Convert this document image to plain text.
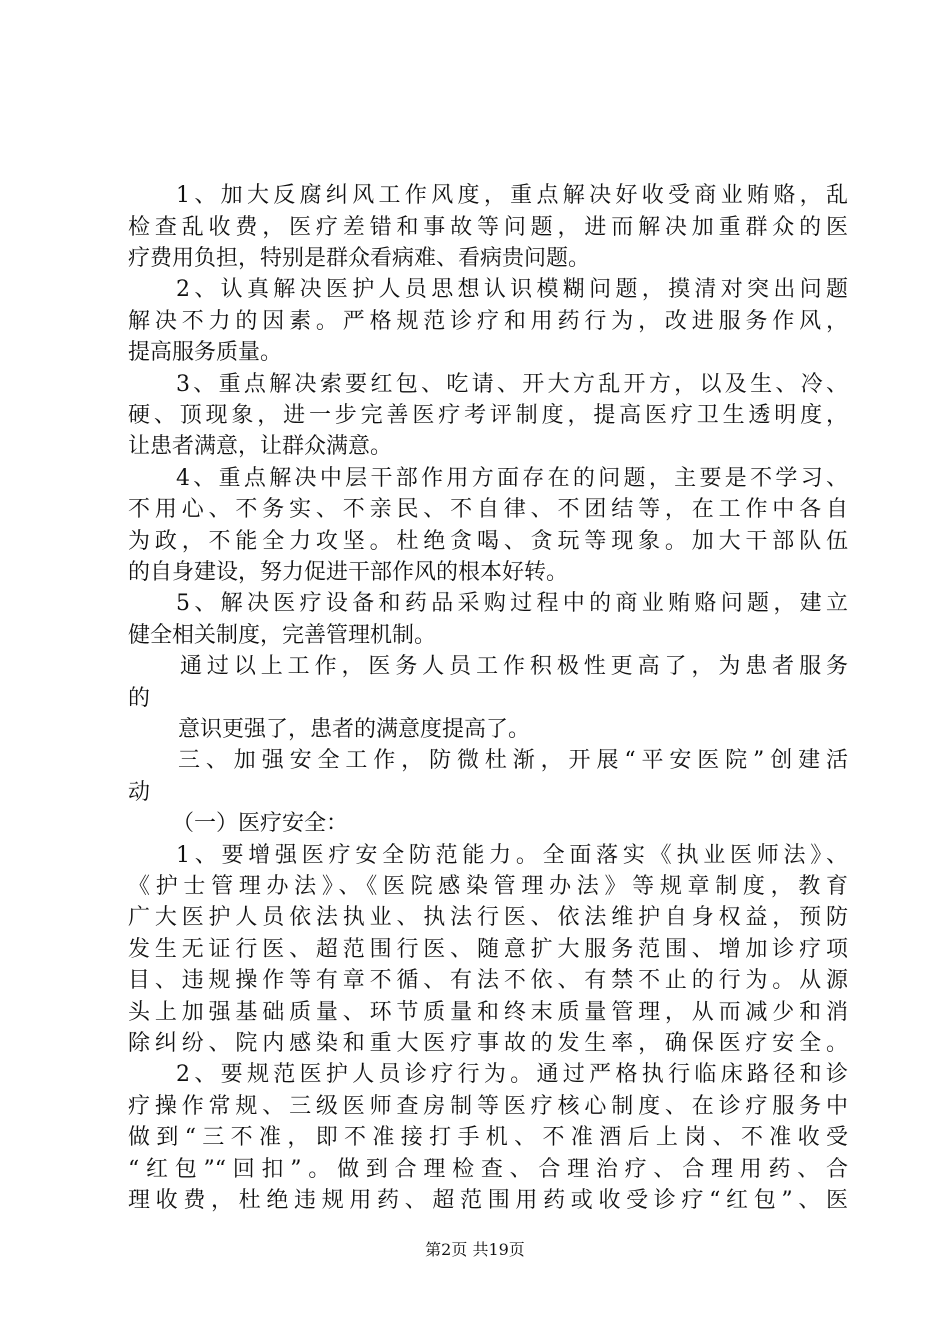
1、加大反腐纠风工作风度，重点解决好收受商业贿赂，乱
检查乱收费，医疗差错和事故等问题，进而解决加重群众的医
疗费用负担，特别是群众看病难、看病贵问题。
2、认真解决医护人员思想认识模糊问题，摸清对突出问题
解决不力的因素。严格规范诊疗和用药行为，改进服务作风，
提高服务质量。
3、重点解决索要红包、吃请、开大方乱开方，以及生、冷、
硬、顶现象，进一步完善医疗考评制度，提高医疗卫生透明度，
让患者满意，让群众满意。
4、重点解决中层干部作用方面存在的问题，主要是不学习、
不用心、不务实、不亲民、不自律、不团结等，在工作中各自
为政，不能全力攻坚。杜绝贪喝、贪玩等现象。加大干部队伍
的自身建设，努力促进干部作风的根本好转。
5、解决医疗设备和药品采购过程中的商业贿赂问题，建立
健全相关制度，完善管理机制。
通过以上工作，医务人员工作积极性更高了，为患者服务
的
意识更强了，患者的满意度提高了。
三、加强安全工作，防微杜渐，开展“平安医院”创建活
动
（一）医疗安全：
1、要增强医疗安全防范能力。全面落实《执业医师法》、
《护士管理办法》、《医院感染管理办法》等规章制度，教育
广大医护人员依法执业、执法行医、依法维护自身权益，预防
发生无证行医、超范围行医、随意扩大服务范围、增加诊疗项
目、违规操作等有章不循、有法不依、有禁不止的行为。从源
头上加强基础质量、环节质量和终末质量管理，从而减少和消
除纠纷、院内感染和重大医疗事故的发生率，确保医疗安全。
2、要规范医护人员诊疗行为。通过严格执行临床路径和诊
疗操作常规、三级医师查房制等医疗核心制度、在诊疗服务中
做到“三不准，即不准接打手机、不准酒后上岗、不准收受
“红包”“回扣”。做到合理检查、合理治疗、合理用药、合
理收费，杜绝违规用药、超范围用药或收受诊疗“红包”、医
第2页 共19页
